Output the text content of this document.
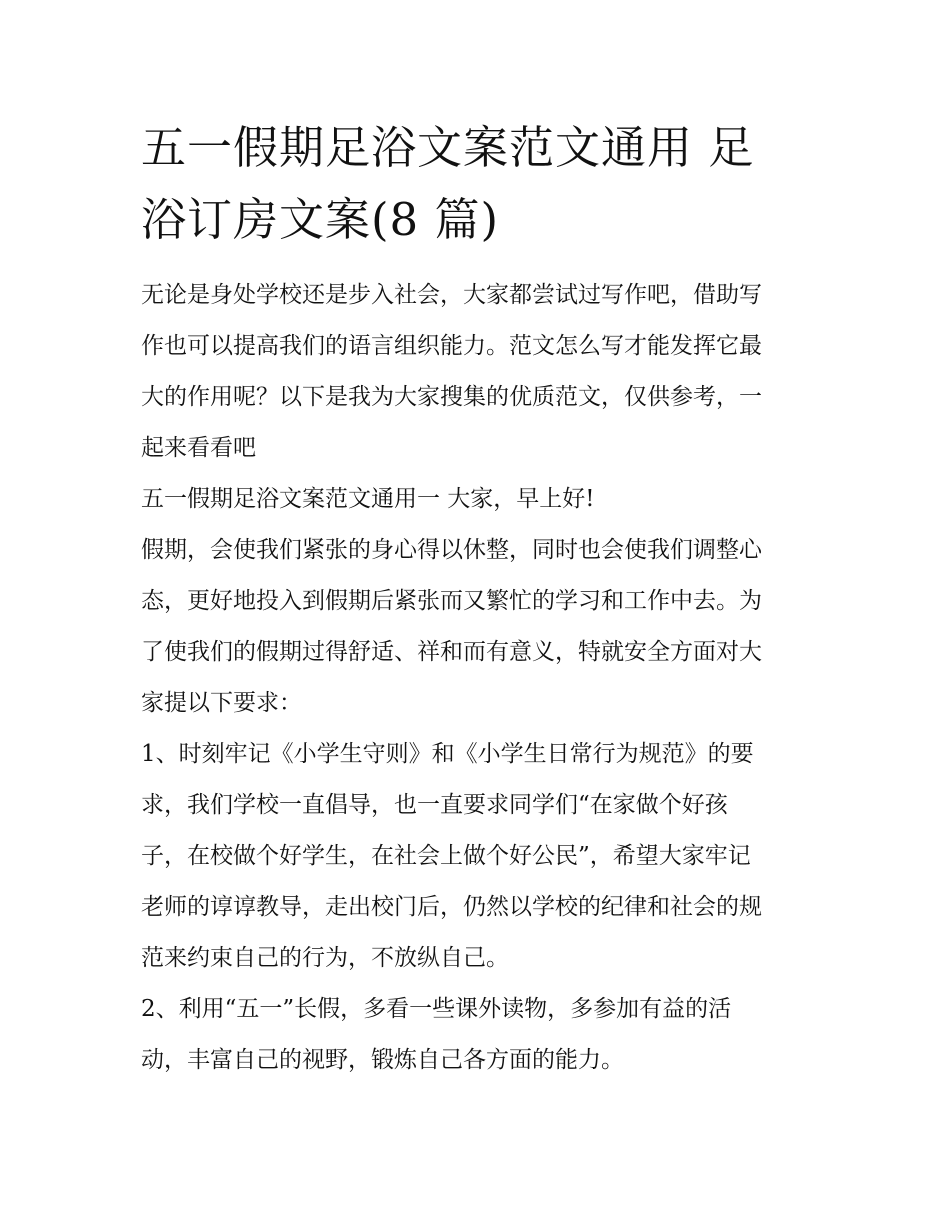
五一假期足浴文案范文通用 足
浴订房文案(8 篇)

无论是身处学校还是步入社会，大家都尝试过写作吧，借助写
作也可以提高我们的语言组织能力。范文怎么写才能发挥它最
大的作用呢？以下是我为大家搜集的优质范文，仅供参考，一
起来看看吧

五一假期足浴文案范文通用一 大家，早上好!

假期，会使我们紧张的身心得以休整，同时也会使我们调整心
态，更好地投入到假期后紧张而又繁忙的学习和工作中去。为
了使我们的假期过得舒适、祥和而有意义，特就安全方面对大
家提以下要求：

1、时刻牢记《小学生守则》和《小学生日常行为规范》的要
求，我们学校一直倡导，也一直要求同学们“在家做个好孩
子，在校做个好学生，在社会上做个好公民”，希望大家牢记
老师的谆谆教导，走出校门后，仍然以学校的纪律和社会的规
范来约束自己的行为，不放纵自己。

2、利用“五一”长假，多看一些课外读物，多参加有益的活
动，丰富自己的视野，锻炼自己各方面的能力。
